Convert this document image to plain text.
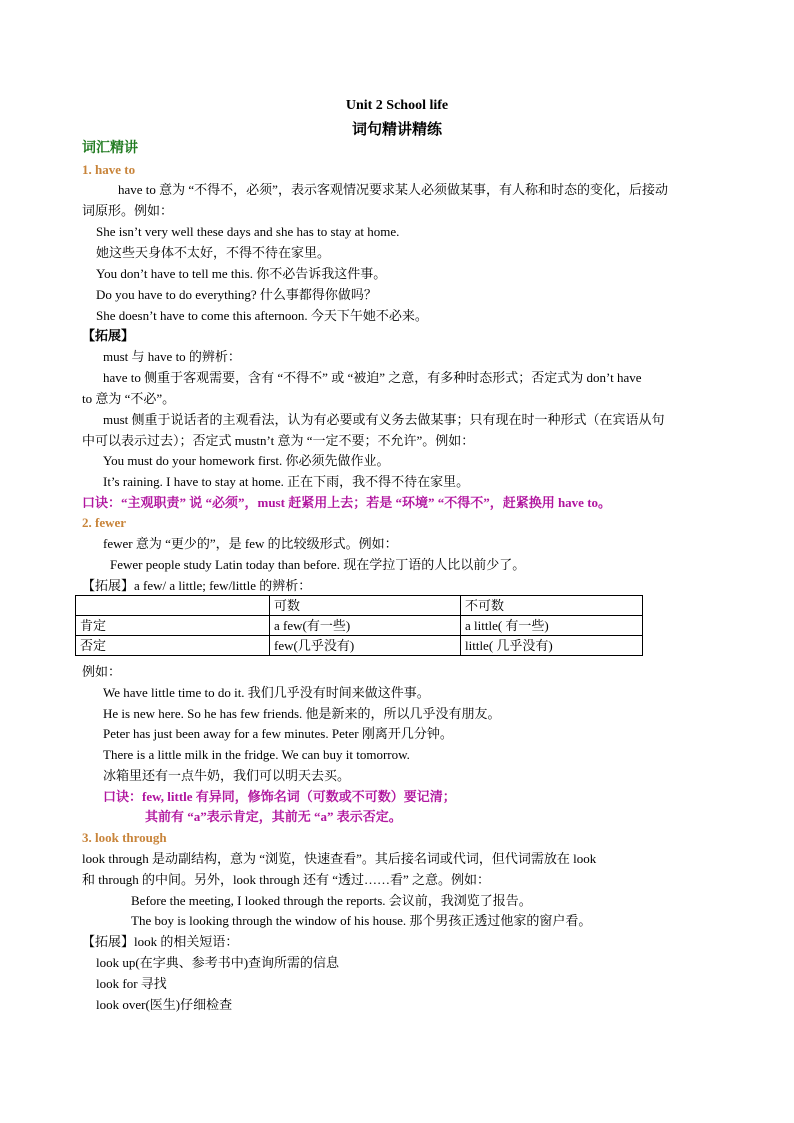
Unit 2 School life
词句精讲精练
词汇精讲
1. have to
have to 意为 “不得不，必须”，表示客观情况要求某人必须做某事，有人称和时态的变化，后接动
词原形。例如：
She isn’t very well these days and she has to stay at home.
她这些天身体不太好，不得不待在家里。
You don’t have to tell me this. 你不必告诉我这件事。
Do you have to do everything? 什么事都得你做吗？
She doesn’t have to come this afternoon. 今天下午她不必来。
【拓展】
must 与 have to 的辨析：
have to 侧重于客观需要，含有 “不得不” 或 “被迫” 之意，有多种时态形式；否定式为 don’t have
to 意为 “不必”。
must 侧重于说话者的主观看法，认为有必要或有义务去做某事；只有现在时一种形式（在宾语从句
中可以表示过去）；否定式 mustn’t 意为 “一定不要；不允许”。例如：
You must do your homework first. 你必须先做作业。
It’s raining. I have to stay at home. 正在下雨，我不得不待在家里。
口诀：“主观职责” 说 “必须”，must 赶紧用上去；若是 “环境” “不得不”，赶紧换用 have to。
2. fewer
fewer 意为 “更少的”，是 few 的比较级形式。例如：
Fewer people study Latin today than before. 现在学拉丁语的人比以前少了。
【拓展】a few/ a little; few/little 的辨析：
	可数	不可数
肯定	a few(有一些)	a little( 有一些)
否定	few(几乎没有)	little( 几乎没有)
例如：
We have little time to do it. 我们几乎没有时间来做这件事。
He is new here. So he has few friends. 他是新来的，所以几乎没有朋友。
Peter has just been away for a few minutes. Peter 刚离开几分钟。
There is a little milk in the fridge. We can buy it tomorrow.
冰箱里还有一点牛奶，我们可以明天去买。
口诀：few, little 有异同，修饰名词（可数或不可数）要记清；
其前有 “a”表示肯定，其前无 “a” 表示否定。
3. look through
look through 是动副结构，意为 “浏览，快速查看”。其后接名词或代词，但代词需放在 look
和 through 的中间。另外，look through 还有 “透过……看” 之意。例如：
Before the meeting, I looked through the reports. 会议前，我浏览了报告。
The boy is looking through the window of his house. 那个男孩正透过他家的窗户看。
【拓展】look 的相关短语：
look up(在字典、参考书中)查询所需的信息
look for 寻找
look over(医生)仔细检查
